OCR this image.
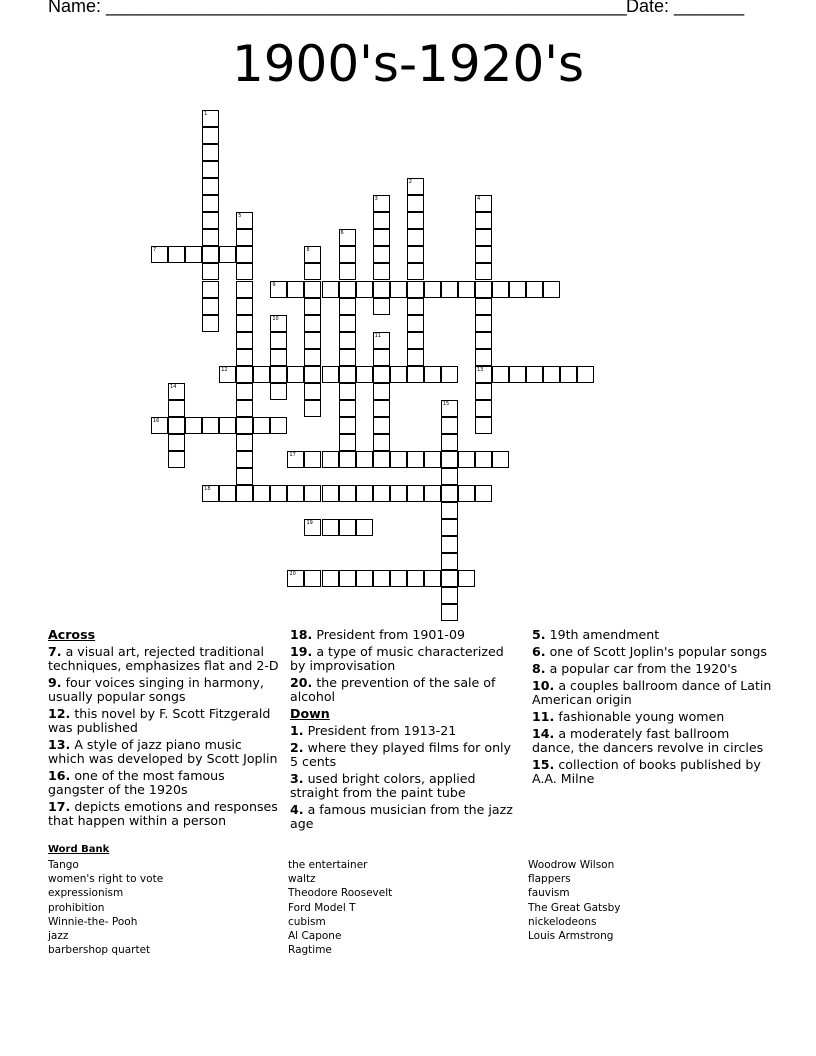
Name: ____________________________________________________ Date: _______
1900's-1920's
1
2
3	4
13
5
6
7	8
9
10
11
12
14
15
16
17
18
19
20
Across
7. a visual art, rejected traditional techniques, emphasizes flat and 2-D
9. four voices singing in harmony, usually popular songs
12. this novel by F. Scott Fitzgerald was published
13. A style of jazz piano music which was developed by Scott Joplin
16. one of the most famous gangster of the 1920s
17. depicts emotions and responses that happen within a person
18. President from 1901-09
19. a type of music characterized by improvisation
20. the prevention of the sale of alcohol
Down
1. President from 1913-21
2. where they played films for only 5 cents
3. used bright colors, applied straight from the paint tube
4. a famous musician from the jazz age
5. 19th amendment
6. one of Scott Joplin's popular songs
8. a popular car from the 1920's
10. a couples ballroom dance of Latin American origin
11. fashionable young women
14. a moderately fast ballroom dance, the dancers revolve in circles
15. collection of books published by A.A. Milne
Word Bank
Tango
women's right to vote
expressionism
prohibition
Winnie-the- Pooh
jazz
barbershop quartet
the entertainer
waltz
Theodore Roosevelt
Ford Model T
cubism
Al Capone
Ragtime
Woodrow Wilson
flappers
fauvism
The Great Gatsby
nickelodeons
Louis Armstrong
